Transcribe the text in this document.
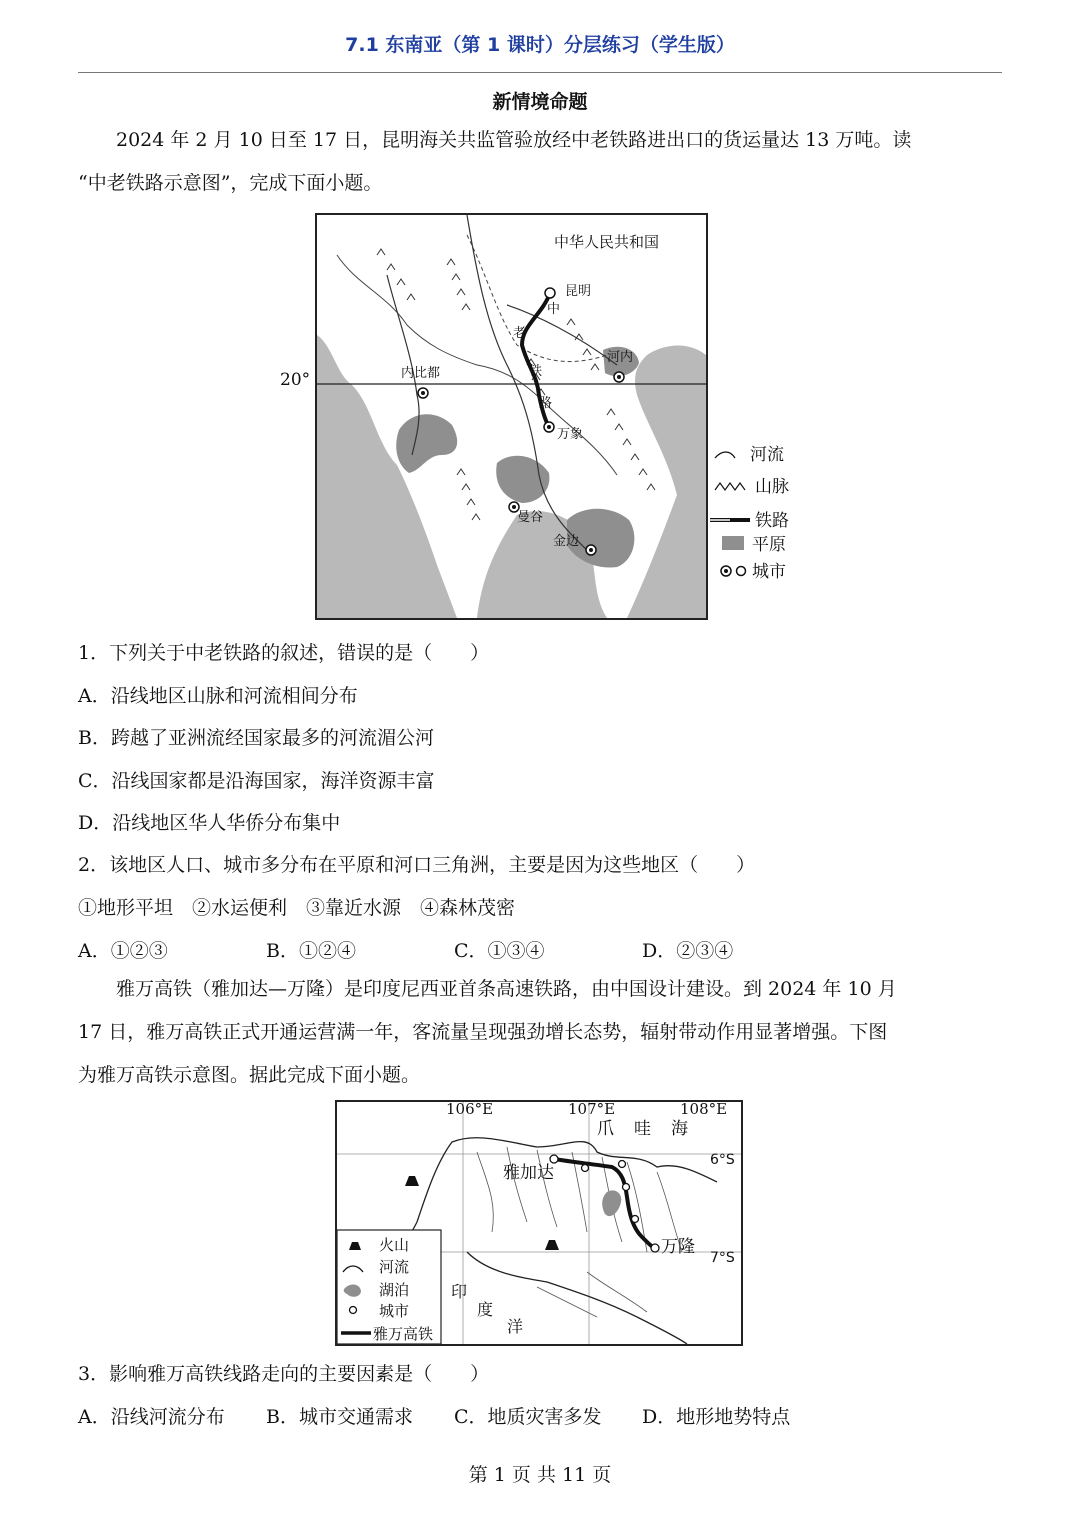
7.1 东南亚（第 1 课时）分层练习（学生版）
新情境命题
2024 年 2 月 10 日至 17 日，昆明海关共监管验放经中老铁路进出口的货运量达 13 万吨。读
“中老铁路示意图”，完成下面小题。
中华人民共和国
昆明
内比都
河内
万象
曼谷
金边
中
老
铁
路
20°
河流
山脉
铁路
平原
城市
1．下列关于中老铁路的叙述，错误的是（　　）
A．沿线地区山脉和河流相间分布
B．跨越了亚洲流经国家最多的河流湄公河
C．沿线国家都是沿海国家，海洋资源丰富
D．沿线地区华人华侨分布集中
2．该地区人口、城市多分布在平原和河口三角洲，主要是因为这些地区（　　）
①地形平坦　②水运便利　③靠近水源　④森林茂密
A．①②③	B．①②④	C．①③④	D．②③④
雅万高铁（雅加达—万隆）是印度尼西亚首条高速铁路，由中国设计建设。到 2024 年 10 月
17 日，雅万高铁正式开通运营满一年，客流量呈现强劲增长态势，辐射带动作用显著增强。下图
为雅万高铁示意图。据此完成下面小题。
雅加达
万隆
爪 哇 海
印
度
洋
6°S
7°S
火山
河流
湖泊
城市
雅万高铁
106°E	107°E	108°E
3．影响雅万高铁线路走向的主要因素是（　　）
A．沿线河流分布 B．城市交通需求 C．地质灾害多发 D．地形地势特点
第 1 页 共 11 页
